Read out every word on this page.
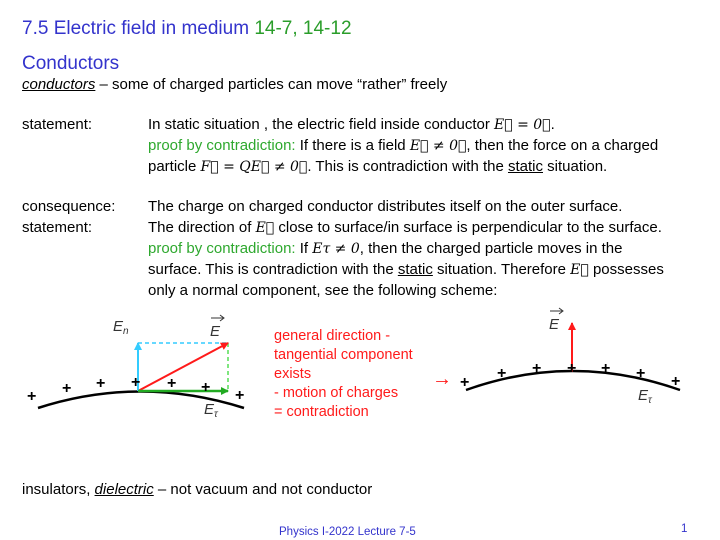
7.5 Electric field in medium 14-7, 14-12
Conductors
conductors – some of charged particles can move “rather” freely
statement:	In static situation , the electric field inside conductor E⃗ = 0⃗.
proof by contradiction: If there is a field E⃗ ≠ 0⃗, then the force on a charged
particle F⃗ = QE⃗ ≠ 0⃗. This is contradiction with the static situation.
consequence: The charge on charged conductor distributes itself on the outer surface.
statement:	The direction of E⃗ close to surface/in surface is perpendicular to the surface.
proof by contradiction: If Eτ ≠ 0, then the charged particle moves in the
surface. This is contradiction with the static situation. Therefore E⃗ possesses
only a normal component, see the following scheme:
+ + + + + + +
$E_n$	E
$E_\tau$
+
+ + + + + +
E
$E_\tau$
general direction -
tangential component
exists
- motion of charges
= contradiction
→
insulators, dielectric – not vacuum and not conductor
Physics I-2022 Lecture 7-5	1
